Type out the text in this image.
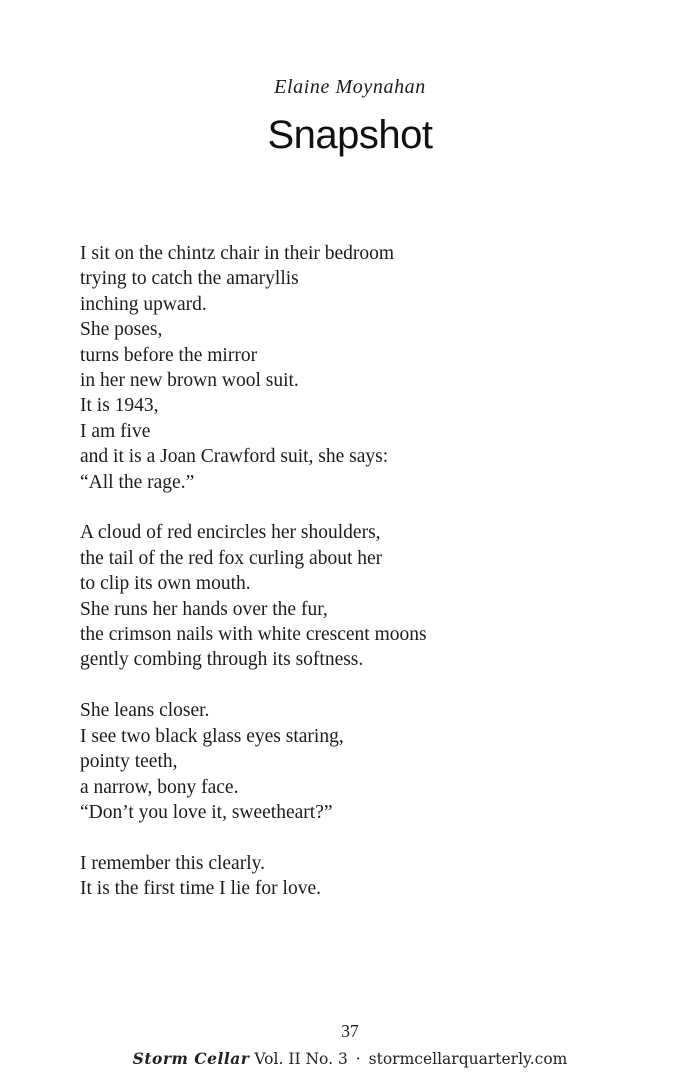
Elaine Moynahan
Snapshot
I sit on the chintz chair in their bedroom
trying to catch the amaryllis
inching upward.
She poses,
turns before the mirror
in her new brown wool suit.
It is 1943,
I am five
and it is a Joan Crawford suit, she says:
“All the rage.”
A cloud of red encircles her shoulders,
the tail of the red fox curling about her
to clip its own mouth.
She runs her hands over the fur,
the crimson nails with white crescent moons
gently combing through its softness.
She leans closer.
I see two black glass eyes staring,
pointy teeth,
a narrow, bony face.
“Don’t you love it, sweetheart?”
I remember this clearly.
It is the first time I lie for love.
37
Storm Cellar Vol. II No. 3 · stormcellarquarterly.com
